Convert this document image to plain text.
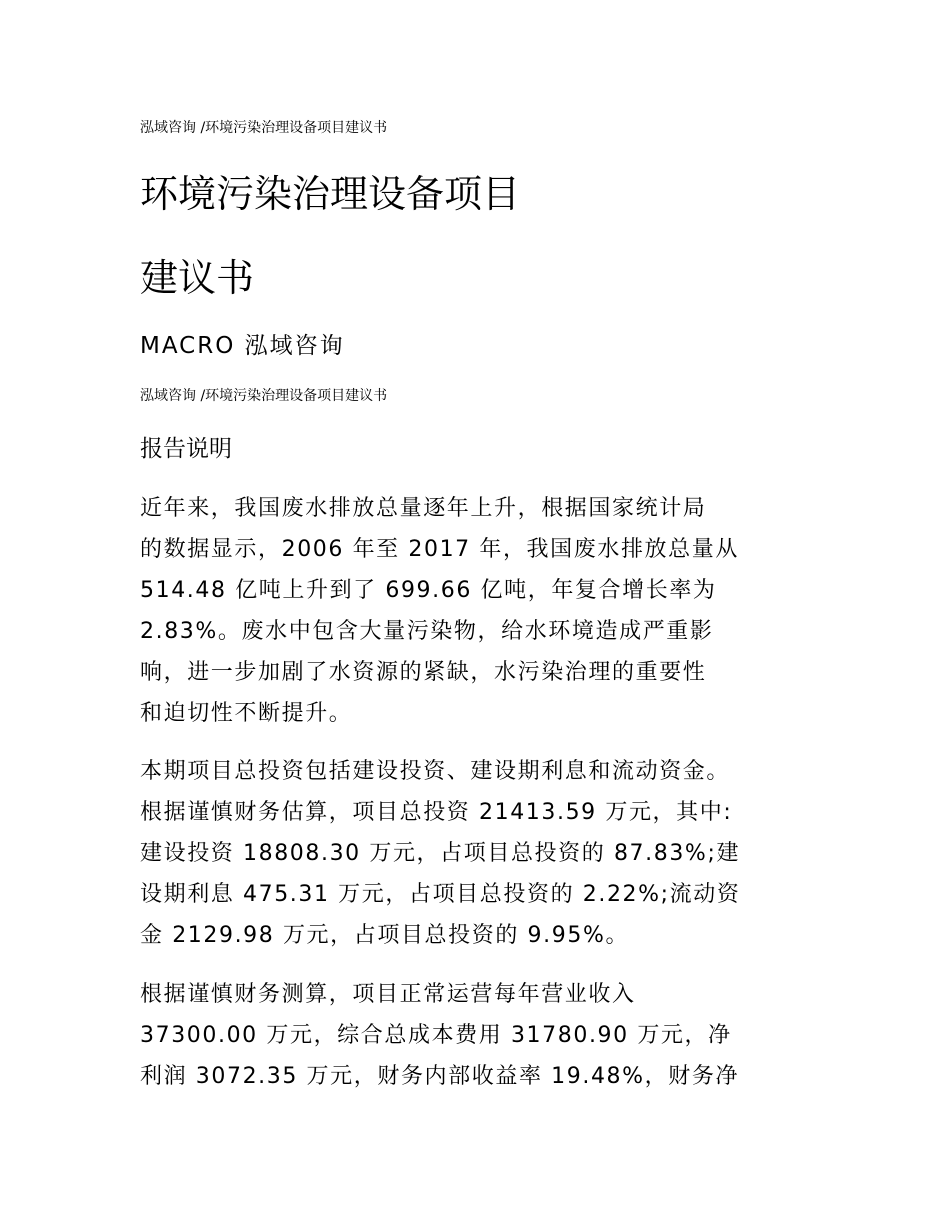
泓域咨询 /环境污染治理设备项目建议书
环境污染治理设备项目
建议书
MACRO 泓域咨询
泓域咨询 /环境污染治理设备项目建议书
报告说明
近年来，我国废水排放总量逐年上升，根据国家统计局
的数据显示，2006 年至 2017 年，我国废水排放总量从
514.48 亿吨上升到了 699.66 亿吨，年复合增长率为
2.83%。废水中包含大量污染物，给水环境造成严重影
响，进一步加剧了水资源的紧缺，水污染治理的重要性
和迫切性不断提升。
本期项目总投资包括建设投资、建设期利息和流动资金。
根据谨慎财务估算，项目总投资 21413.59 万元，其中:
建设投资 18808.30 万元，占项目总投资的 87.83%;建
设期利息 475.31 万元，占项目总投资的 2.22%;流动资
金 2129.98 万元，占项目总投资的 9.95%。
根据谨慎财务测算，项目正常运营每年营业收入
37300.00 万元，综合总成本费用 31780.90 万元，净
利润 3072.35 万元，财务内部收益率 19.48%，财务净
